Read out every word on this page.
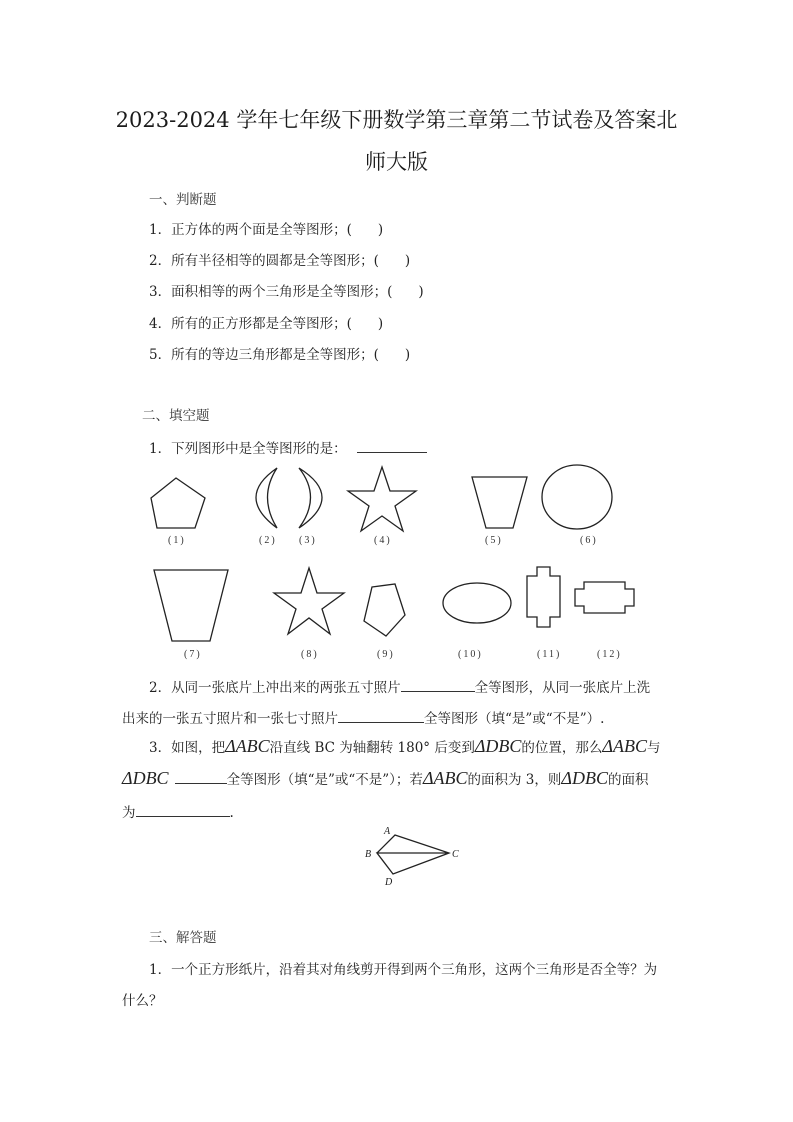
2023-2024 学年七年级下册数学第三章第二节试卷及答案北
师大版
一、判断题
1．正方体的两个面是全等图形；( )
2．所有半径相等的圆都是全等图形；( )
3．面积相等的两个三角形是全等图形；( )
4．所有的正方形都是全等图形；( )
5．所有的等边三角形都是全等图形；( )
二、填空题
1．下列图形中是全等图形的是：
(1)	(2) (3)	(4)	(5)	(6)
(7)	(8)	(9)	(10)	(11)	(12)
2．从同一张底片上冲出来的两张五寸照片	全等图形，从同一张底片上洗
出来的一张五寸照片和一张七寸照片	全等图形（填“是”或“不是”）.
3．如图，把ΔABC沿直线 BC 为轴翻转 180° 后变到ΔDBC的位置，那么ΔABC与
ΔDBC	全等图形（填“是”或“不是”）；若ΔABC的面积为 3，则ΔDBC的面积
为	.
A
B	C
D
三、解答题
1．一个正方形纸片，沿着其对角线剪开得到两个三角形，这两个三角形是否全等？为
什么？
